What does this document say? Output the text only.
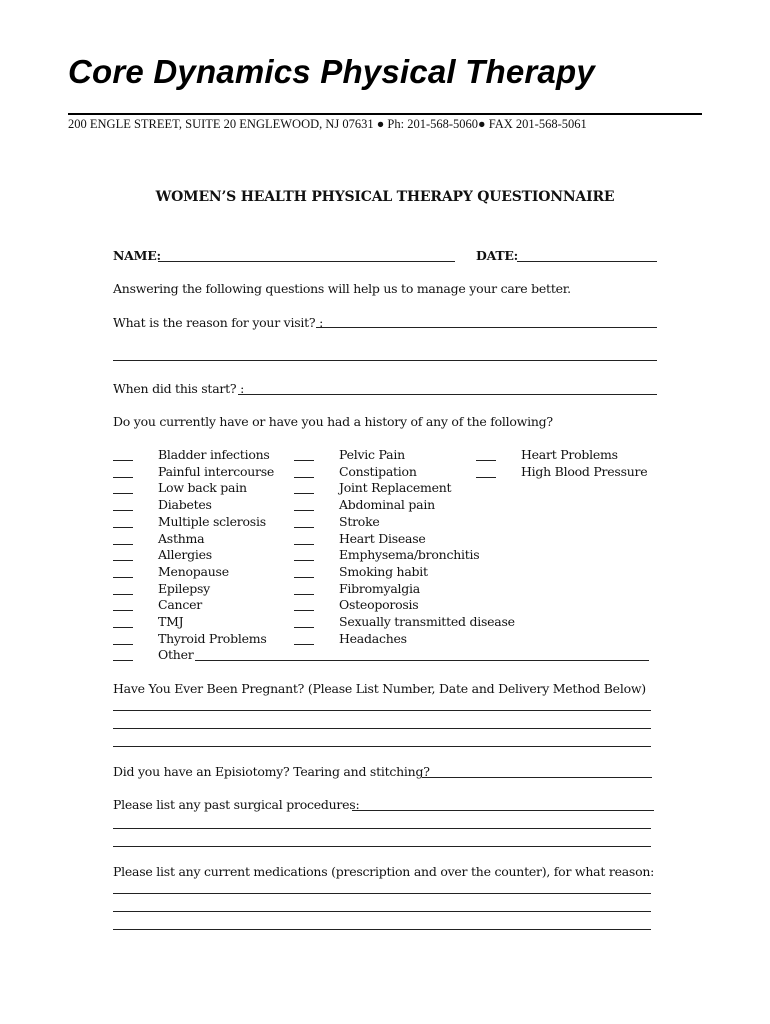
Core Dynamics Physical Therapy
200 ENGLE STREET, SUITE 20 ENGLEWOOD, NJ 07631 ● Ph: 201-568-5060● FAX 201-568-5061
WOMEN’S HEALTH PHYSICAL THERAPY QUESTIONNAIRE
NAME:	DATE:
Answering the following questions will help us to manage your care better.
What is the reason for your visit? :
When did this start? :
Do you currently have or have you had a history of any of the following?
Bladder infections
Painful intercourse
Low back pain
Diabetes
Multiple sclerosis
Asthma
Allergies
Menopause
Epilepsy
Cancer
TMJ
Thyroid Problems
Other
Pelvic Pain
Constipation
Joint Replacement
Abdominal pain
Stroke
Heart Disease
Emphysema/bronchitis
Smoking habit
Fibromyalgia
Osteoporosis
Sexually transmitted disease
Headaches
Heart Problems
High Blood Pressure
Have You Ever Been Pregnant? (Please List Number, Date and Delivery Method Below)
Did you have an Episiotomy? Tearing and stitching?
Please list any past surgical procedures:
Please list any current medications (prescription and over the counter), for what reason:
